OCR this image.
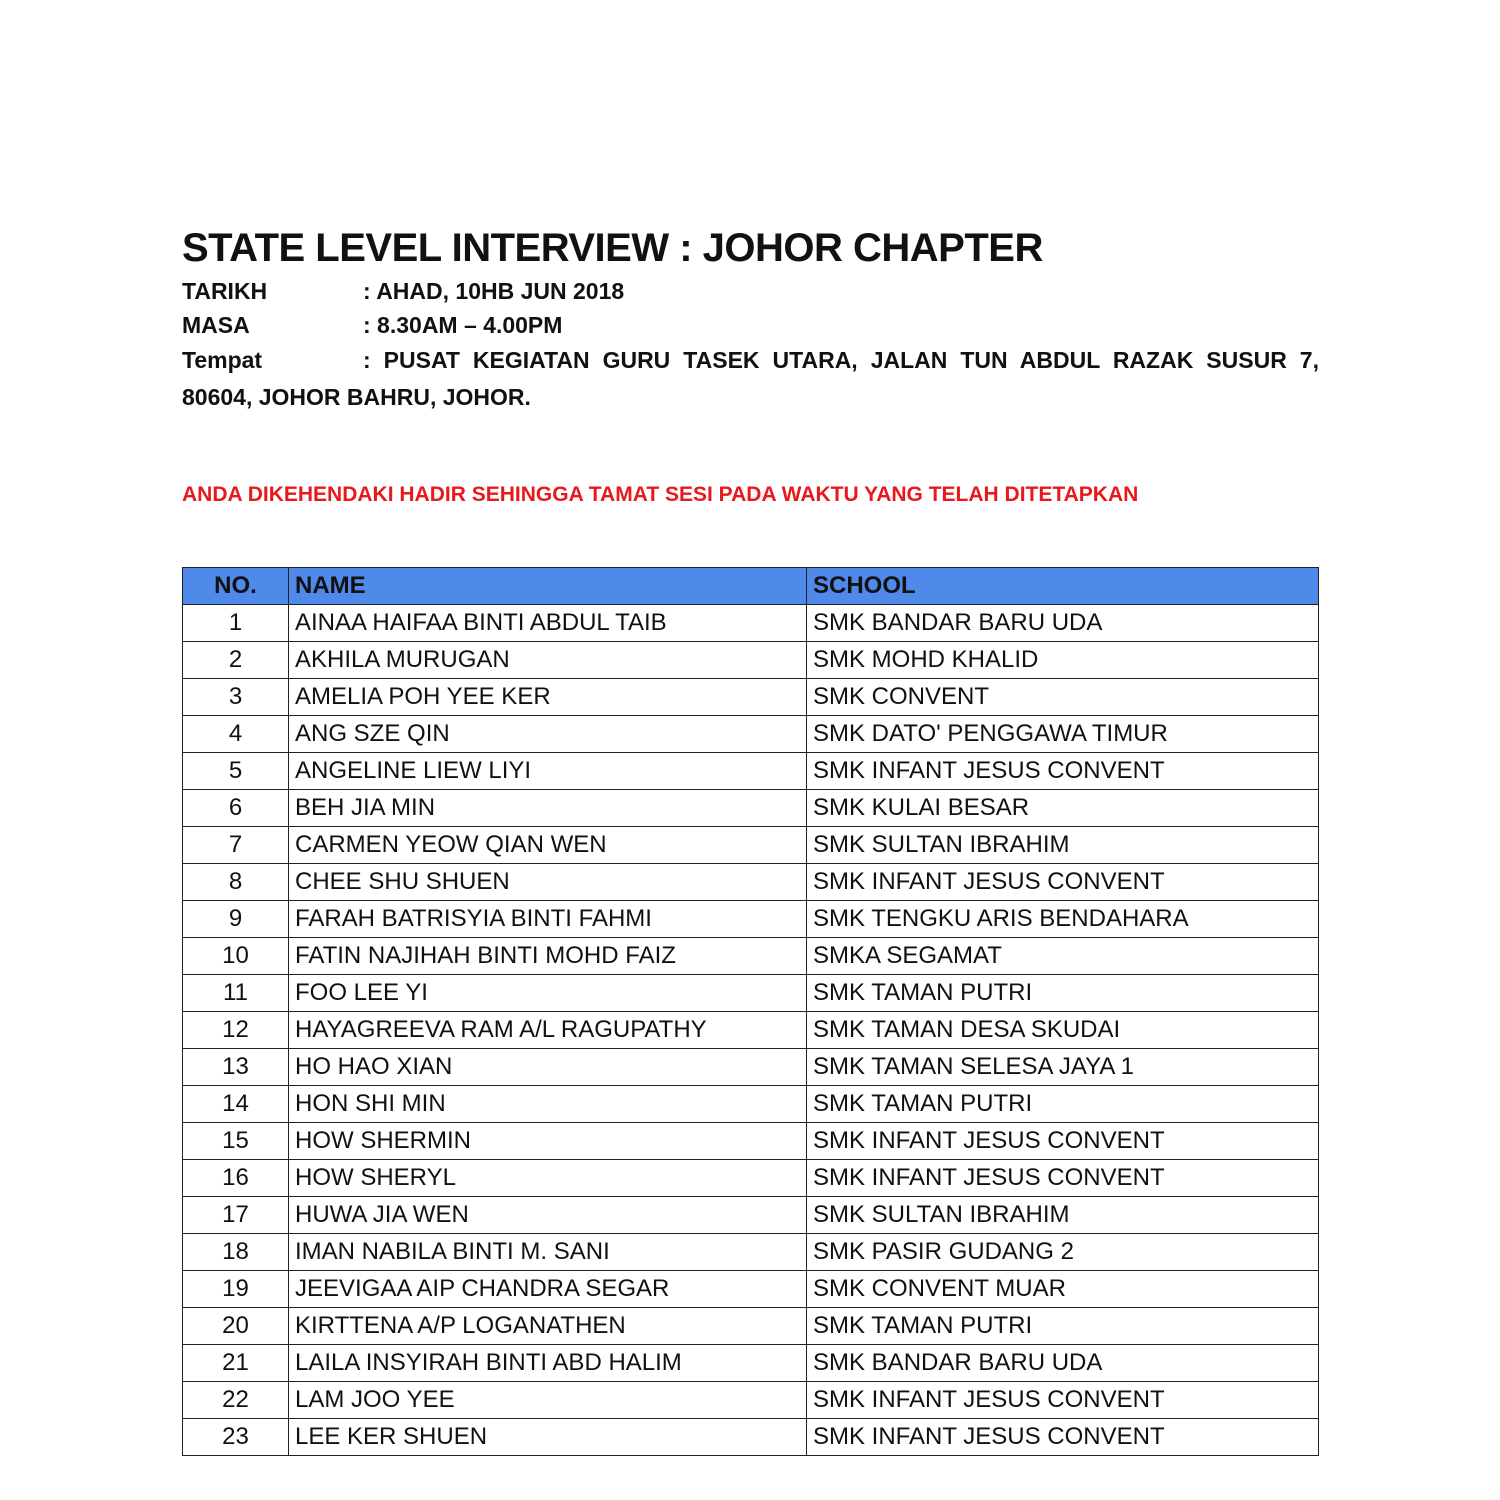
STATE LEVEL INTERVIEW : JOHOR CHAPTER
TARIKH	: AHAD, 10HB JUN 2018
MASA	: 8.30AM – 4.00PM
Tempat	: PUSAT KEGIATAN GURU TASEK UTARA, JALAN TUN ABDUL RAZAK SUSUR 7, 80604, JOHOR BAHRU, JOHOR.
ANDA DIKEHENDAKI HADIR SEHINGGA TAMAT SESI PADA WAKTU YANG TELAH DITETAPKAN
NO.	NAME	SCHOOL
1	AINAA HAIFAA BINTI ABDUL TAIB	SMK BANDAR BARU UDA
2	AKHILA MURUGAN	SMK MOHD KHALID
3	AMELIA POH YEE KER	SMK CONVENT
4	ANG SZE QIN	SMK DATO' PENGGAWA TIMUR
5	ANGELINE LIEW LIYI	SMK INFANT JESUS CONVENT
6	BEH JIA MIN	SMK KULAI BESAR
7	CARMEN YEOW QIAN WEN	SMK SULTAN IBRAHIM
8	CHEE SHU SHUEN	SMK INFANT JESUS CONVENT
9	FARAH BATRISYIA BINTI FAHMI	SMK TENGKU ARIS BENDAHARA
10	FATIN NAJIHAH BINTI MOHD FAIZ	SMKA SEGAMAT
11	FOO LEE YI	SMK TAMAN PUTRI
12	HAYAGREEVA RAM A/L RAGUPATHY	SMK TAMAN DESA SKUDAI
13	HO HAO XIAN	SMK TAMAN SELESA JAYA 1
14	HON SHI MIN	SMK TAMAN PUTRI
15	HOW SHERMIN	SMK INFANT JESUS CONVENT
16	HOW SHERYL	SMK INFANT JESUS CONVENT
17	HUWA JIA WEN	SMK SULTAN IBRAHIM
18	IMAN NABILA BINTI M. SANI	SMK PASIR GUDANG 2
19	JEEVIGAA AIP CHANDRA SEGAR	SMK CONVENT MUAR
20	KIRTTENA A/P LOGANATHEN	SMK TAMAN PUTRI
21	LAILA INSYIRAH BINTI ABD HALIM	SMK BANDAR BARU UDA
22	LAM JOO YEE	SMK INFANT JESUS CONVENT
23	LEE KER SHUEN	SMK INFANT JESUS CONVENT
